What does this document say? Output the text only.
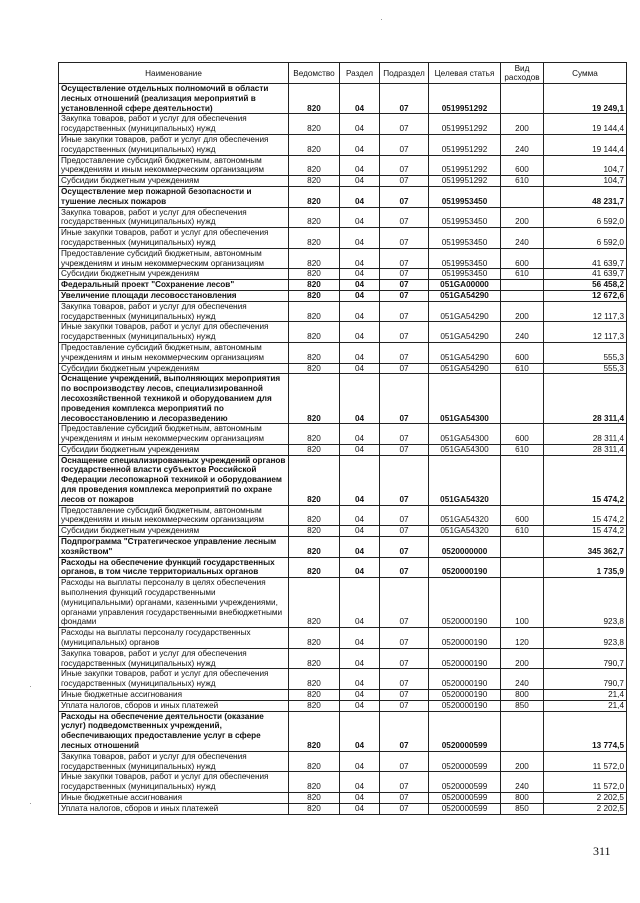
Наименование	Ведомство	Раздел	Подраздел	Целевая статья	Вид расходов	Сумма
Осуществление отдельных полномочий в области лесных отношений (реализация мероприятий в установленной сфере деятельности)	820	04	07	0519951292		19 249,1
Закупка товаров, работ и услуг для обеспечения государственных (муниципальных) нужд	820	04	07	0519951292	200	19 144,4
Иные закупки товаров, работ и услуг для обеспечения государственных (муниципальных) нужд	820	04	07	0519951292	240	19 144,4
Предоставление субсидий бюджетным, автономным учреждениям и иным некоммерческим организациям	820	04	07	0519951292	600	104,7
Субсидии бюджетным учреждениям	820	04	07	0519951292	610	104,7
Осуществление мер пожарной безопасности и тушение лесных пожаров	820	04	07	0519953450		48 231,7
Закупка товаров, работ и услуг для обеспечения государственных (муниципальных) нужд	820	04	07	0519953450	200	6 592,0
Иные закупки товаров, работ и услуг для обеспечения государственных (муниципальных) нужд	820	04	07	0519953450	240	6 592,0
Предоставление субсидий бюджетным, автономным учреждениям и иным некоммерческим организациям	820	04	07	0519953450	600	41 639,7
Субсидии бюджетным учреждениям	820	04	07	0519953450	610	41 639,7
Федеральный проект "Сохранение лесов"	820	04	07	051GA00000		56 458,2
Увеличение площади лесовосстановления	820	04	07	051GA54290		12 672,6
Закупка товаров, работ и услуг для обеспечения государственных (муниципальных) нужд	820	04	07	051GA54290	200	12 117,3
Иные закупки товаров, работ и услуг для обеспечения государственных (муниципальных) нужд	820	04	07	051GA54290	240	12 117,3
Предоставление субсидий бюджетным, автономным учреждениям и иным некоммерческим организациям	820	04	07	051GA54290	600	555,3
Субсидии бюджетным учреждениям	820	04	07	051GA54290	610	555,3
Оснащение учреждений, выполняющих мероприятия по воспроизводству лесов, специализированной лесохозяйственной техникой и оборудованием для проведения комплекса мероприятий по лесовосстановлению и лесоразведению	820	04	07	051GA54300		28 311,4
Предоставление субсидий бюджетным, автономным учреждениям и иным некоммерческим организациям	820	04	07	051GA54300	600	28 311,4
Субсидии бюджетным учреждениям	820	04	07	051GA54300	610	28 311,4
Оснащение специализированных учреждений органов государственной власти субъектов Российской Федерации лесопожарной техникой и оборудованием для проведения комплекса мероприятий по охране лесов от пожаров	820	04	07	051GA54320		15 474,2
Предоставление субсидий бюджетным, автономным учреждениям и иным некоммерческим организациям	820	04	07	051GA54320	600	15 474,2
Субсидии бюджетным учреждениям	820	04	07	051GA54320	610	15 474,2
Подпрограмма "Стратегическое управление лесным хозяйством"	820	04	07	0520000000		345 362,7
Расходы на обеспечение функций государственных органов, в том числе территориальных органов	820	04	07	0520000190		1 735,9
Расходы на выплаты персоналу в целях обеспечения выполнения функций государственными (муниципальными) органами, казенными учреждениями, органами управления государственными внебюджетными фондами	820	04	07	0520000190	100	923,8
Расходы на выплаты персоналу государственных (муниципальных) органов	820	04	07	0520000190	120	923,8
Закупка товаров, работ и услуг для обеспечения государственных (муниципальных) нужд	820	04	07	0520000190	200	790,7
Иные закупки товаров, работ и услуг для обеспечения государственных (муниципальных) нужд	820	04	07	0520000190	240	790,7
Иные бюджетные ассигнования	820	04	07	0520000190	800	21,4
Уплата налогов, сборов и иных платежей	820	04	07	0520000190	850	21,4
Расходы на обеспечение деятельности (оказание услуг) подведомственных учреждений, обеспечивающих предоставление услуг в сфере лесных отношений	820	04	07	0520000599		13 774,5
Закупка товаров, работ и услуг для обеспечения государственных (муниципальных) нужд	820	04	07	0520000599	200	11 572,0
Иные закупки товаров, работ и услуг для обеспечения государственных (муниципальных) нужд	820	04	07	0520000599	240	11 572,0
Иные бюджетные ассигнования	820	04	07	0520000599	800	2 202,5
Уплата налогов, сборов и иных платежей	820	04	07	0520000599	850	2 202,5
311
